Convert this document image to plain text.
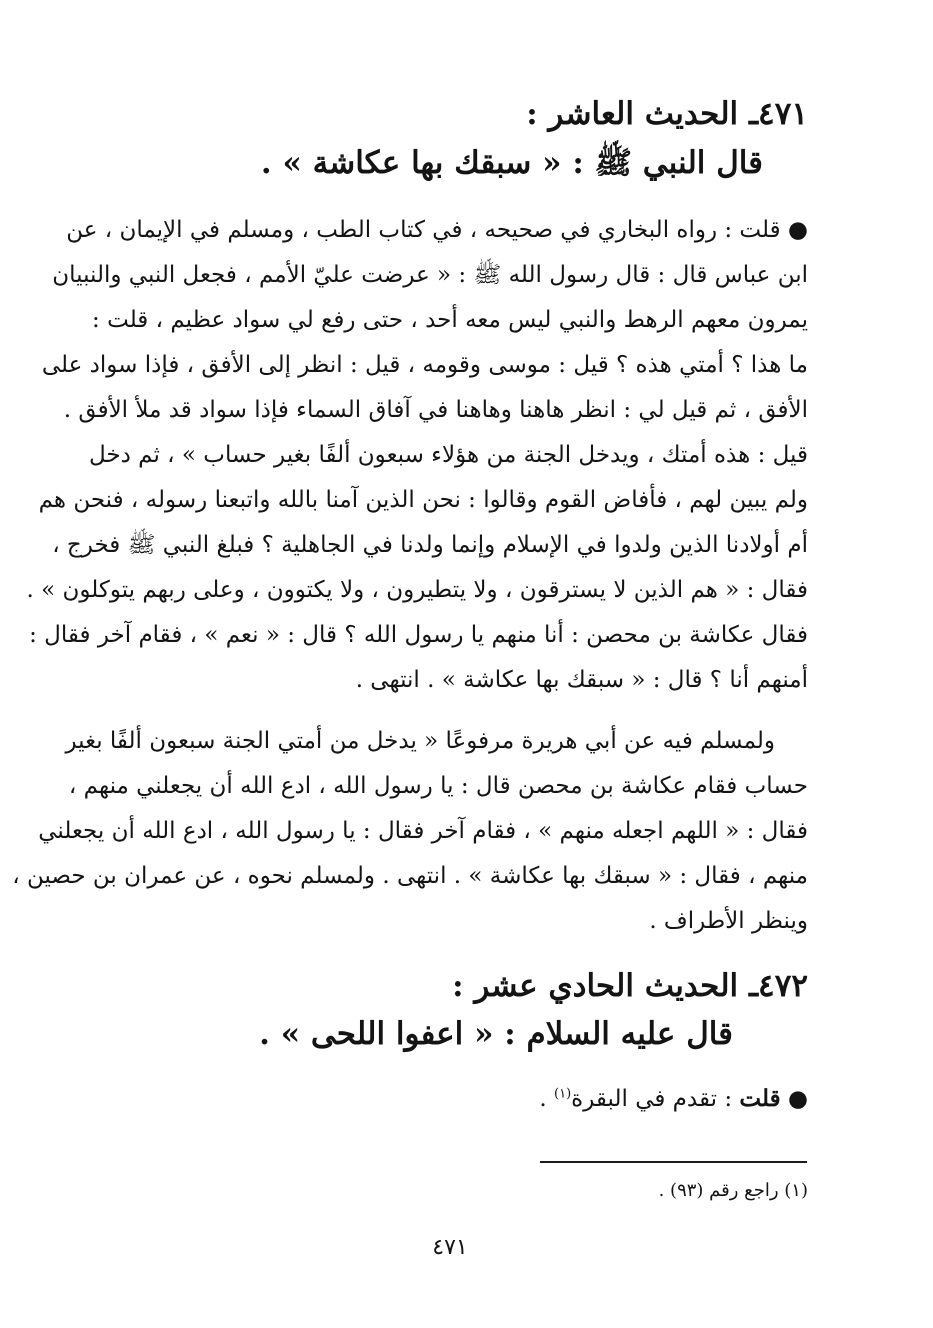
٤٧١ـ الحديث العاشر :
قال النبي ﷺ : « سبقك بها عكاشة » .
● قلت : رواه البخاري في صحيحه ، في كتاب الطب ، ومسلم في الإيمان ، عن
ابن عباس قال : قال رسول الله ﷺ : « عرضت عليّ الأمم ، فجعل النبي والنبيان
يمرون معهم الرهط والنبي ليس معه أحد ، حتى رفع لي سواد عظيم ، قلت :
ما هذا ؟ أمتي هذه ؟ قيل : موسى وقومه ، قيل : انظر إلى الأفق ، فإذا سواد على
الأفق ، ثم قيل لي : انظر هاهنا وهاهنا في آفاق السماء فإذا سواد قد ملأ الأفق .
قيل : هذه أمتك ، ويدخل الجنة من هؤلاء سبعون ألفًا بغير حساب » ، ثم دخل
ولم يبين لهم ، فأفاض القوم وقالوا : نحن الذين آمنا بالله واتبعنا رسوله ، فنحن هم
أم أولادنا الذين ولدوا في الإسلام وإنما ولدنا في الجاهلية ؟ فبلغ النبي ﷺ فخرج ،
فقال : « هم الذين لا يسترقون ، ولا يتطيرون ، ولا يكتوون ، وعلى ربهم يتوكلون » .
فقال عكاشة بن محصن : أنا منهم يا رسول الله ؟ قال : « نعم » ، فقام آخر فقال :
أمنهم أنا ؟ قال : « سبقك بها عكاشة » . انتهى .
ولمسلم فيه عن أبي هريرة مرفوعًا « يدخل من أمتي الجنة سبعون ألفًا بغير
حساب فقام عكاشة بن محصن قال : يا رسول الله ، ادع الله أن يجعلني منهم ،
فقال : « اللهم اجعله منهم » ، فقام آخر فقال : يا رسول الله ، ادع الله أن يجعلني
منهم ، فقال : « سبقك بها عكاشة » . انتهى . ولمسلم نحوه ، عن عمران بن حصين ،
وينظر الأطراف .
٤٧٢ـ الحديث الحادي عشر :
قال عليه السلام : « اعفوا اللحى » .
● قلت : تقدم في البقرة$^{(١)}$ .
(١) راجع رقم (٩٣) .
٤٧١
